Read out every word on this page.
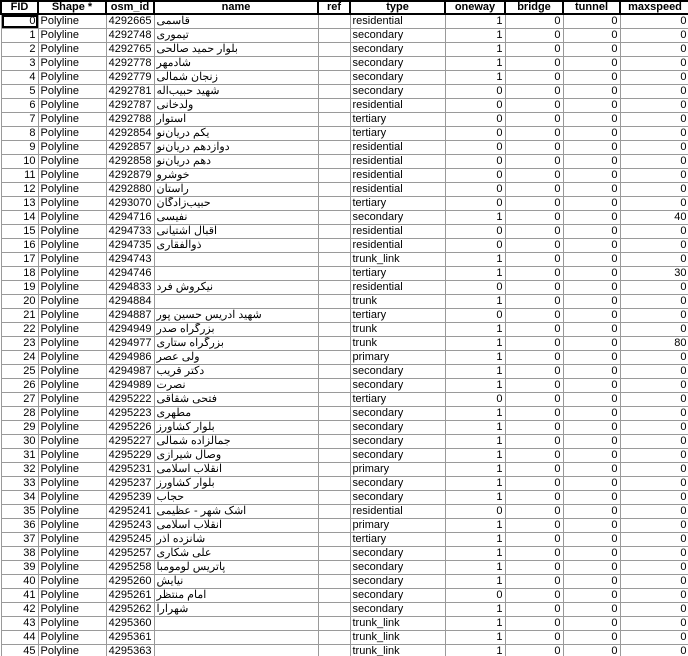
FID	Shape *	osm_id	name	ref	type	oneway	bridge	tunnel	maxspeed
0	Polyline	4292665	قاسمی		residential	1	0	0	0
1	Polyline	4292748	تیموری		secondary	1	0	0	0
2	Polyline	4292765	بلوار حمید صالحی		secondary	1	0	0	0
3	Polyline	4292778	شادمهر		secondary	1	0	0	0
4	Polyline	4292779	زنجان شمالی		secondary	1	0	0	0
5	Polyline	4292781	شهید حبیب‌اله		secondary	0	0	0	0
6	Polyline	4292787	ولدخانی		residential	0	0	0	0
7	Polyline	4292788	استوار		tertiary	0	0	0	0
8	Polyline	4292854	یکم دریان‌نو		tertiary	0	0	0	0
9	Polyline	4292857	دوازدهم دریان‌نو		residential	0	0	0	0
10	Polyline	4292858	دهم دریان‌نو		residential	0	0	0	0
11	Polyline	4292879	خوشرو		residential	0	0	0	0
12	Polyline	4292880	راستان		residential	0	0	0	0
13	Polyline	4293070	حبیب‌زادگان		tertiary	0	0	0	0
14	Polyline	4294716	نفیسی		secondary	1	0	0	40
15	Polyline	4294733	اقبال آشتیانی		residential	0	0	0	0
16	Polyline	4294735	ذوالفقاری		residential	0	0	0	0
17	Polyline	4294743			trunk_link	1	0	0	0
18	Polyline	4294746			tertiary	1	0	0	30
19	Polyline	4294833	نیکروش فرد		residential	0	0	0	0
20	Polyline	4294884			trunk	1	0	0	0
21	Polyline	4294887	شهید ادریس حسین پور		tertiary	0	0	0	0
22	Polyline	4294949	بزرگراه صدر		trunk	1	0	0	0
23	Polyline	4294977	بزرگراه ستاری		trunk	1	0	0	80
24	Polyline	4294986	ولی عصر		primary	1	0	0	0
25	Polyline	4294987	دکتر قریب		secondary	1	0	0	0
26	Polyline	4294989	نصرت		secondary	1	0	0	0
27	Polyline	4295222	فتحی شقاقی		tertiary	0	0	0	0
28	Polyline	4295223	مطهری		secondary	1	0	0	0
29	Polyline	4295226	بلوار کشاورز		secondary	1	0	0	0
30	Polyline	4295227	جمالزاده شمالی		secondary	1	0	0	0
31	Polyline	4295229	وصال شیرازی		secondary	1	0	0	0
32	Polyline	4295231	انقلاب اسلامی		primary	1	0	0	0
33	Polyline	4295237	بلوار کشاورز		secondary	1	0	0	0
34	Polyline	4295239	حجاب		secondary	1	0	0	0
35	Polyline	4295241	اشک شهر - عظیمی		residential	0	0	0	0
36	Polyline	4295243	انقلاب اسلامی		primary	1	0	0	0
37	Polyline	4295245	شانزده آذر		tertiary	1	0	0	0
38	Polyline	4295257	علی شکاری		secondary	1	0	0	0
39	Polyline	4295258	پاتریس لومومبا		secondary	1	0	0	0
40	Polyline	4295260	نیایش		secondary	1	0	0	0
41	Polyline	4295261	امام منتظر		secondary	0	0	0	0
42	Polyline	4295262	شهرآرا		secondary	1	0	0	0
43	Polyline	4295360			trunk_link	1	0	0	0
44	Polyline	4295361			trunk_link	1	0	0	0
45	Polyline	4295363			trunk_link	1	0	0	0
